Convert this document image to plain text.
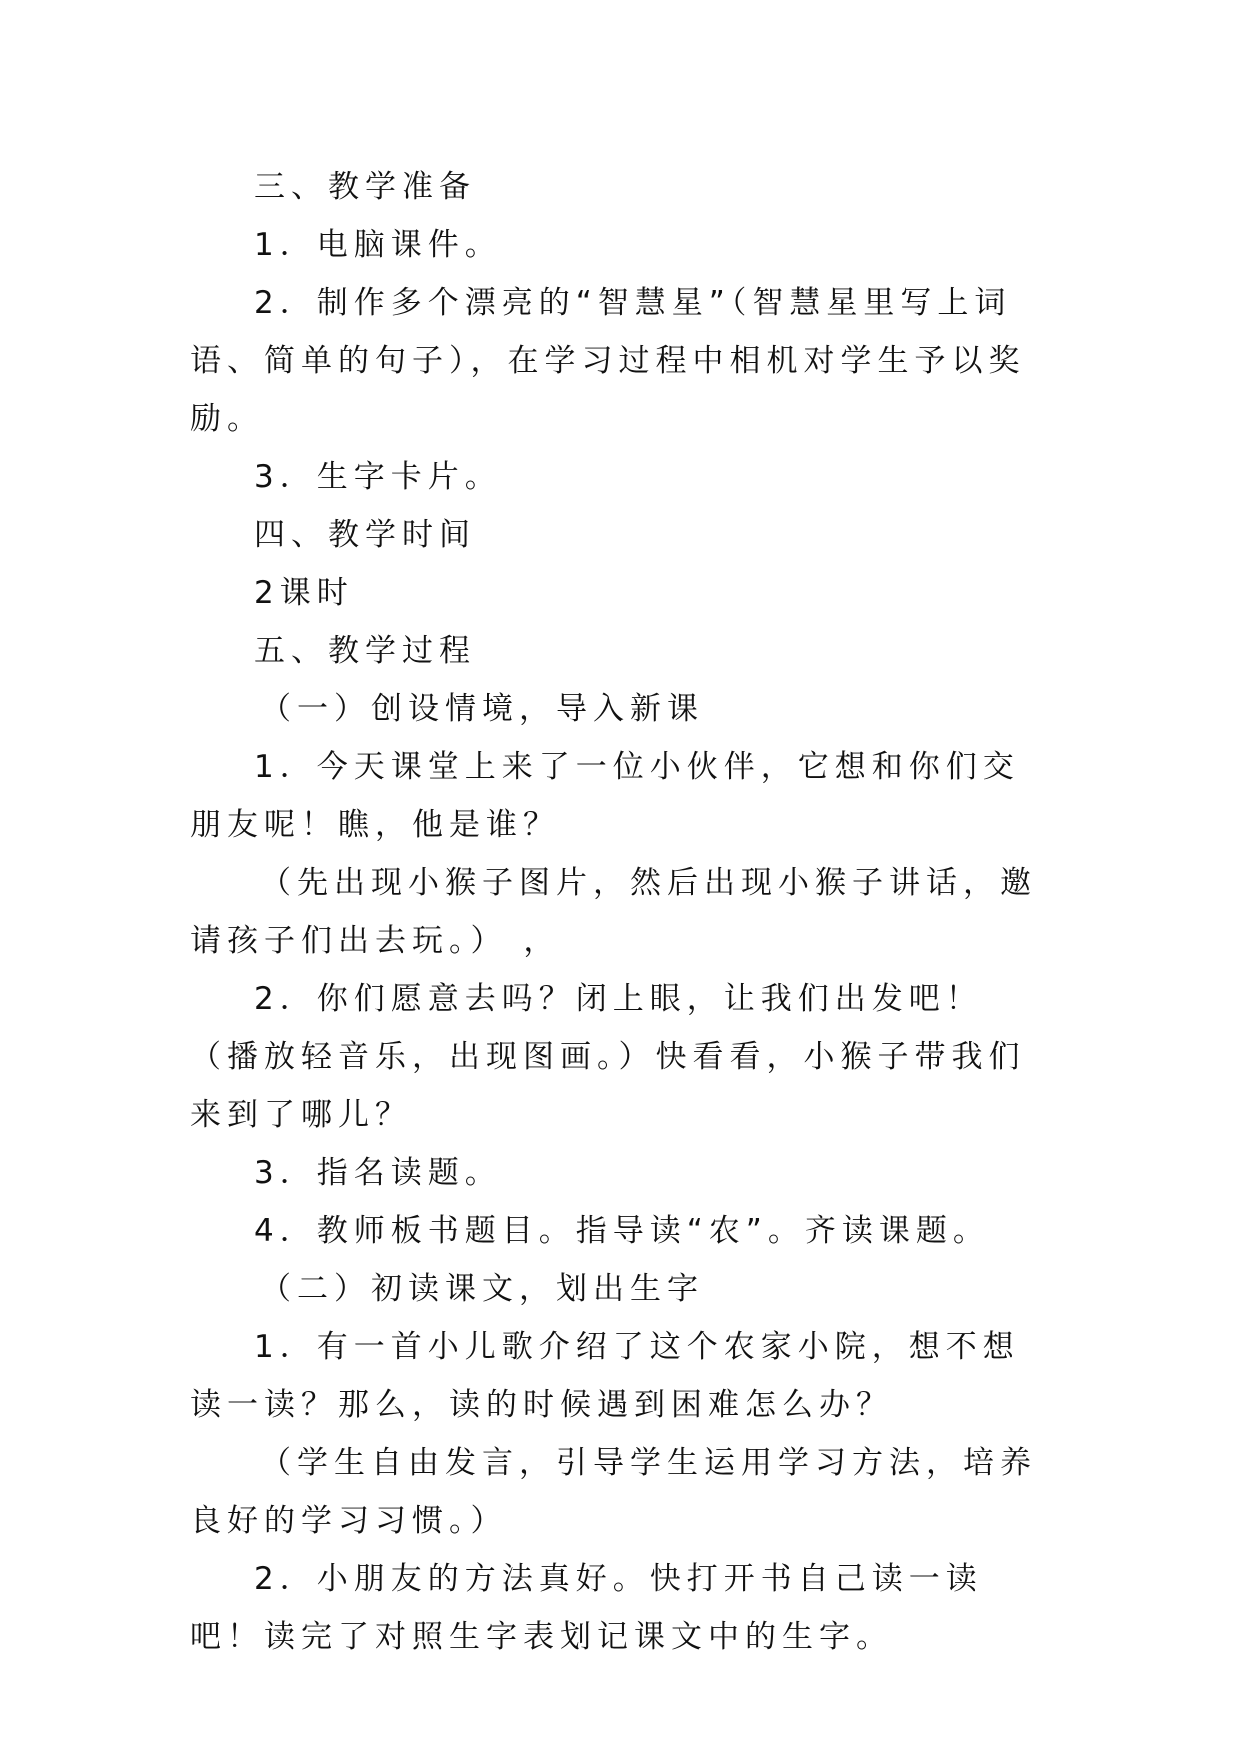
三、教学准备

1．电脑课件。

2．制作多个漂亮的“智慧星”（智慧星里写上词语、简单的句子），在学习过程中相机对学生予以奖励。

3．生字卡片。

四、教学时间

2课时

五、教学过程

（一）创设情境，导入新课

1．今天课堂上来了一位小伙伴，它想和你们交朋友呢！瞧，他是谁？

（先出现小猴子图片，然后出现小猴子讲话，邀请孩子们出去玩。） ，

2．你们愿意去吗？闭上眼，让我们出发吧！ （播放轻音乐，出现图画。）快看看，小猴子带我们来到了哪儿？

3．指名读题。

4．教师板书题目。指导读“农”。齐读课题。

（二）初读课文，划出生字

1．有一首小儿歌介绍了这个农家小院，想不想读一读？那么，读的时候遇到困难怎么办？

（学生自由发言，引导学生运用学习方法，培养良好的学习习惯。）

2．小朋友的方法真好。快打开书自己读一读吧！读完了对照生字表划记课文中的生字。
